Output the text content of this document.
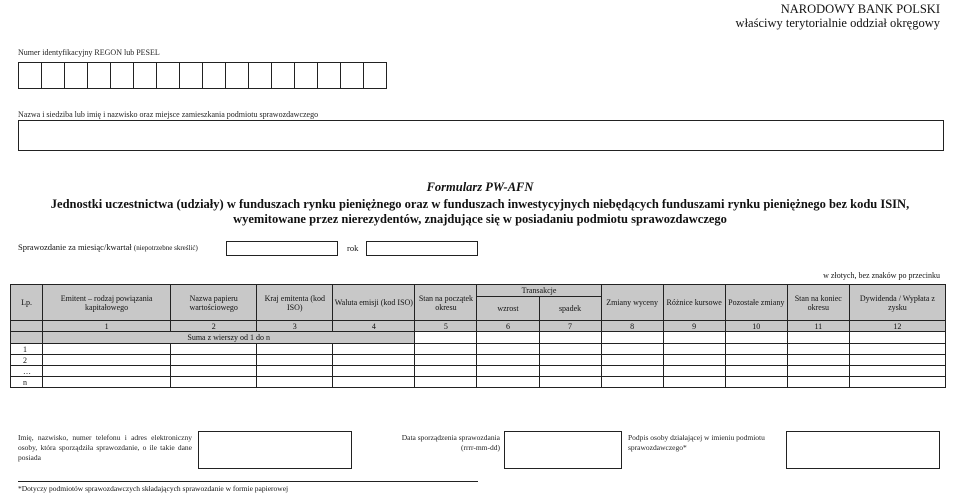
NARODOWY BANK POLSKI
właściwy terytorialnie oddział okręgowy
Numer identyfikacyjny REGON lub PESEL
Nazwa i siedziba lub imię i nazwisko oraz miejsce zamieszkania podmiotu sprawozdawczego
Formularz PW-AFN
Jednostki uczestnictwa (udziały) w funduszach rynku pieniężnego oraz w funduszach inwestycyjnych niebędących funduszami rynku pieniężnego bez kodu ISIN,
wyemitowane przez nierezydentów, znajdujące się w posiadaniu podmiotu sprawozdawczego
Sprawozdanie za miesiąc/kwartał (niepotrzebne skreślić)	rok
w złotych, bez znaków po przecinku
Lp.	Emitent – rodzaj powiązania kapitałowego	Nazwa papieru wartościowego	Kraj emitenta (kod ISO)	Waluta emisji (kod ISO)	Stan na początek okresu	Transakcje		Zmiany wyceny	Różnice kursowe	Pozostałe zmiany	Stan na koniec okresu	Dywidenda / Wypłata z zysku
						wzrost	spadek					
	1	2	3	4	5	6	7	8	9	10	11	12
	Suma z wierszy od 1 do n											
1												
2												
…												
n												
Imię, nazwisko, numer telefonu i adres elektroniczny osoby, która sporządziła sprawozdanie, o ile takie dane posiada
Data sporządzenia sprawozdania
(rrrr-mm-dd)
Podpis osoby działającej w imieniu podmiotu sprawozdawczego*
*Dotyczy podmiotów sprawozdawczych składających sprawozdanie w formie papierowej
